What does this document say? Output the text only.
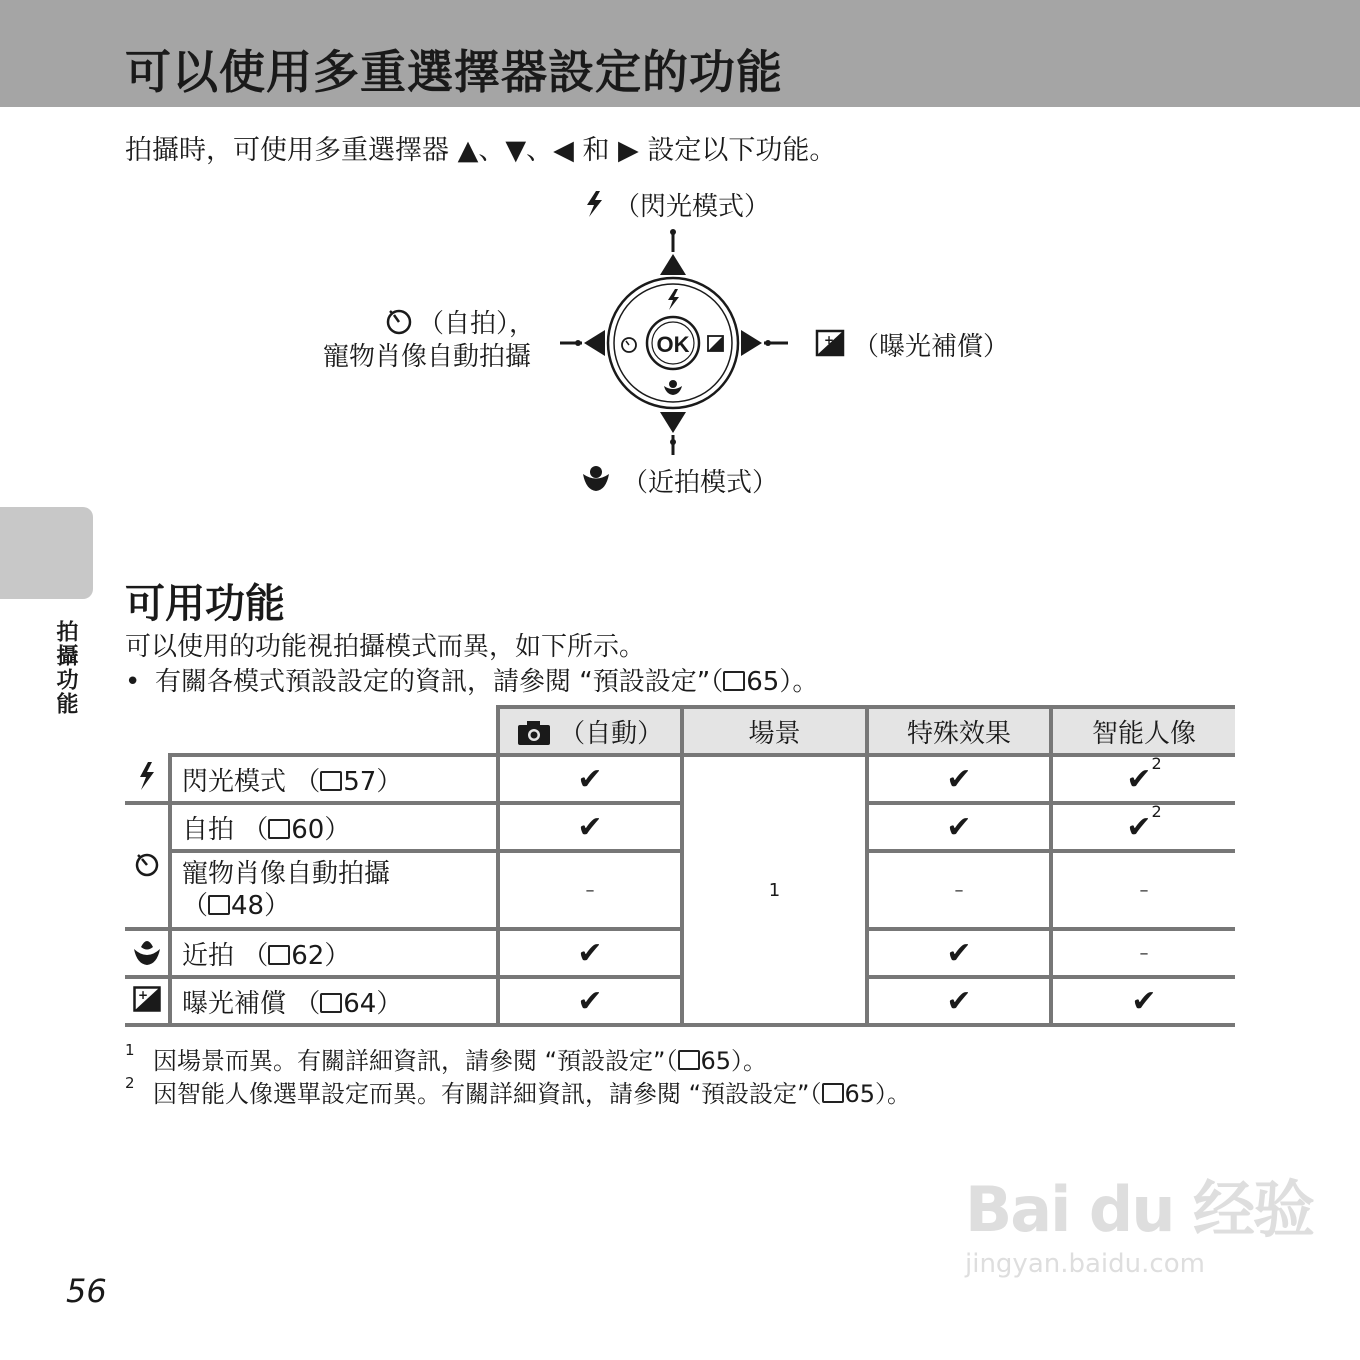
可以使用多重選擇器設定的功能
拍攝時，可使用多重選擇器 ▲、▼、◀ 和 ▶ 設定以下功能。
OK	+
（閃光模式）
（自拍），
寵物肖像自動拍攝	（曝光補償）
（近拍模式）
拍攝功能
可用功能
可以使用的功能視拍攝模式而異，如下所示。
• 有關各模式預設設定的資訊，請參閱 “預設設定”（ 65）。
		（自動）	場景	特殊效果	智能人像
	閃光模式 （ 57）	✔	1	✔	✔2
	自拍 （ 60）	✔		✔	✔2
	寵物肖像自動拍攝
（ 48）	–		–	–
	近拍 （ 62）	✔		✔	–

+	曝光補償 （ 64）	✔		✔	✔
1 因場景而異。有關詳細資訊，請參閱 “預設設定”（ 65）。
2 因智能人像選單設定而異。有關詳細資訊，請參閱 “預設設定”（ 65）。
56
Bai du 经验
jingyan.baidu.com
